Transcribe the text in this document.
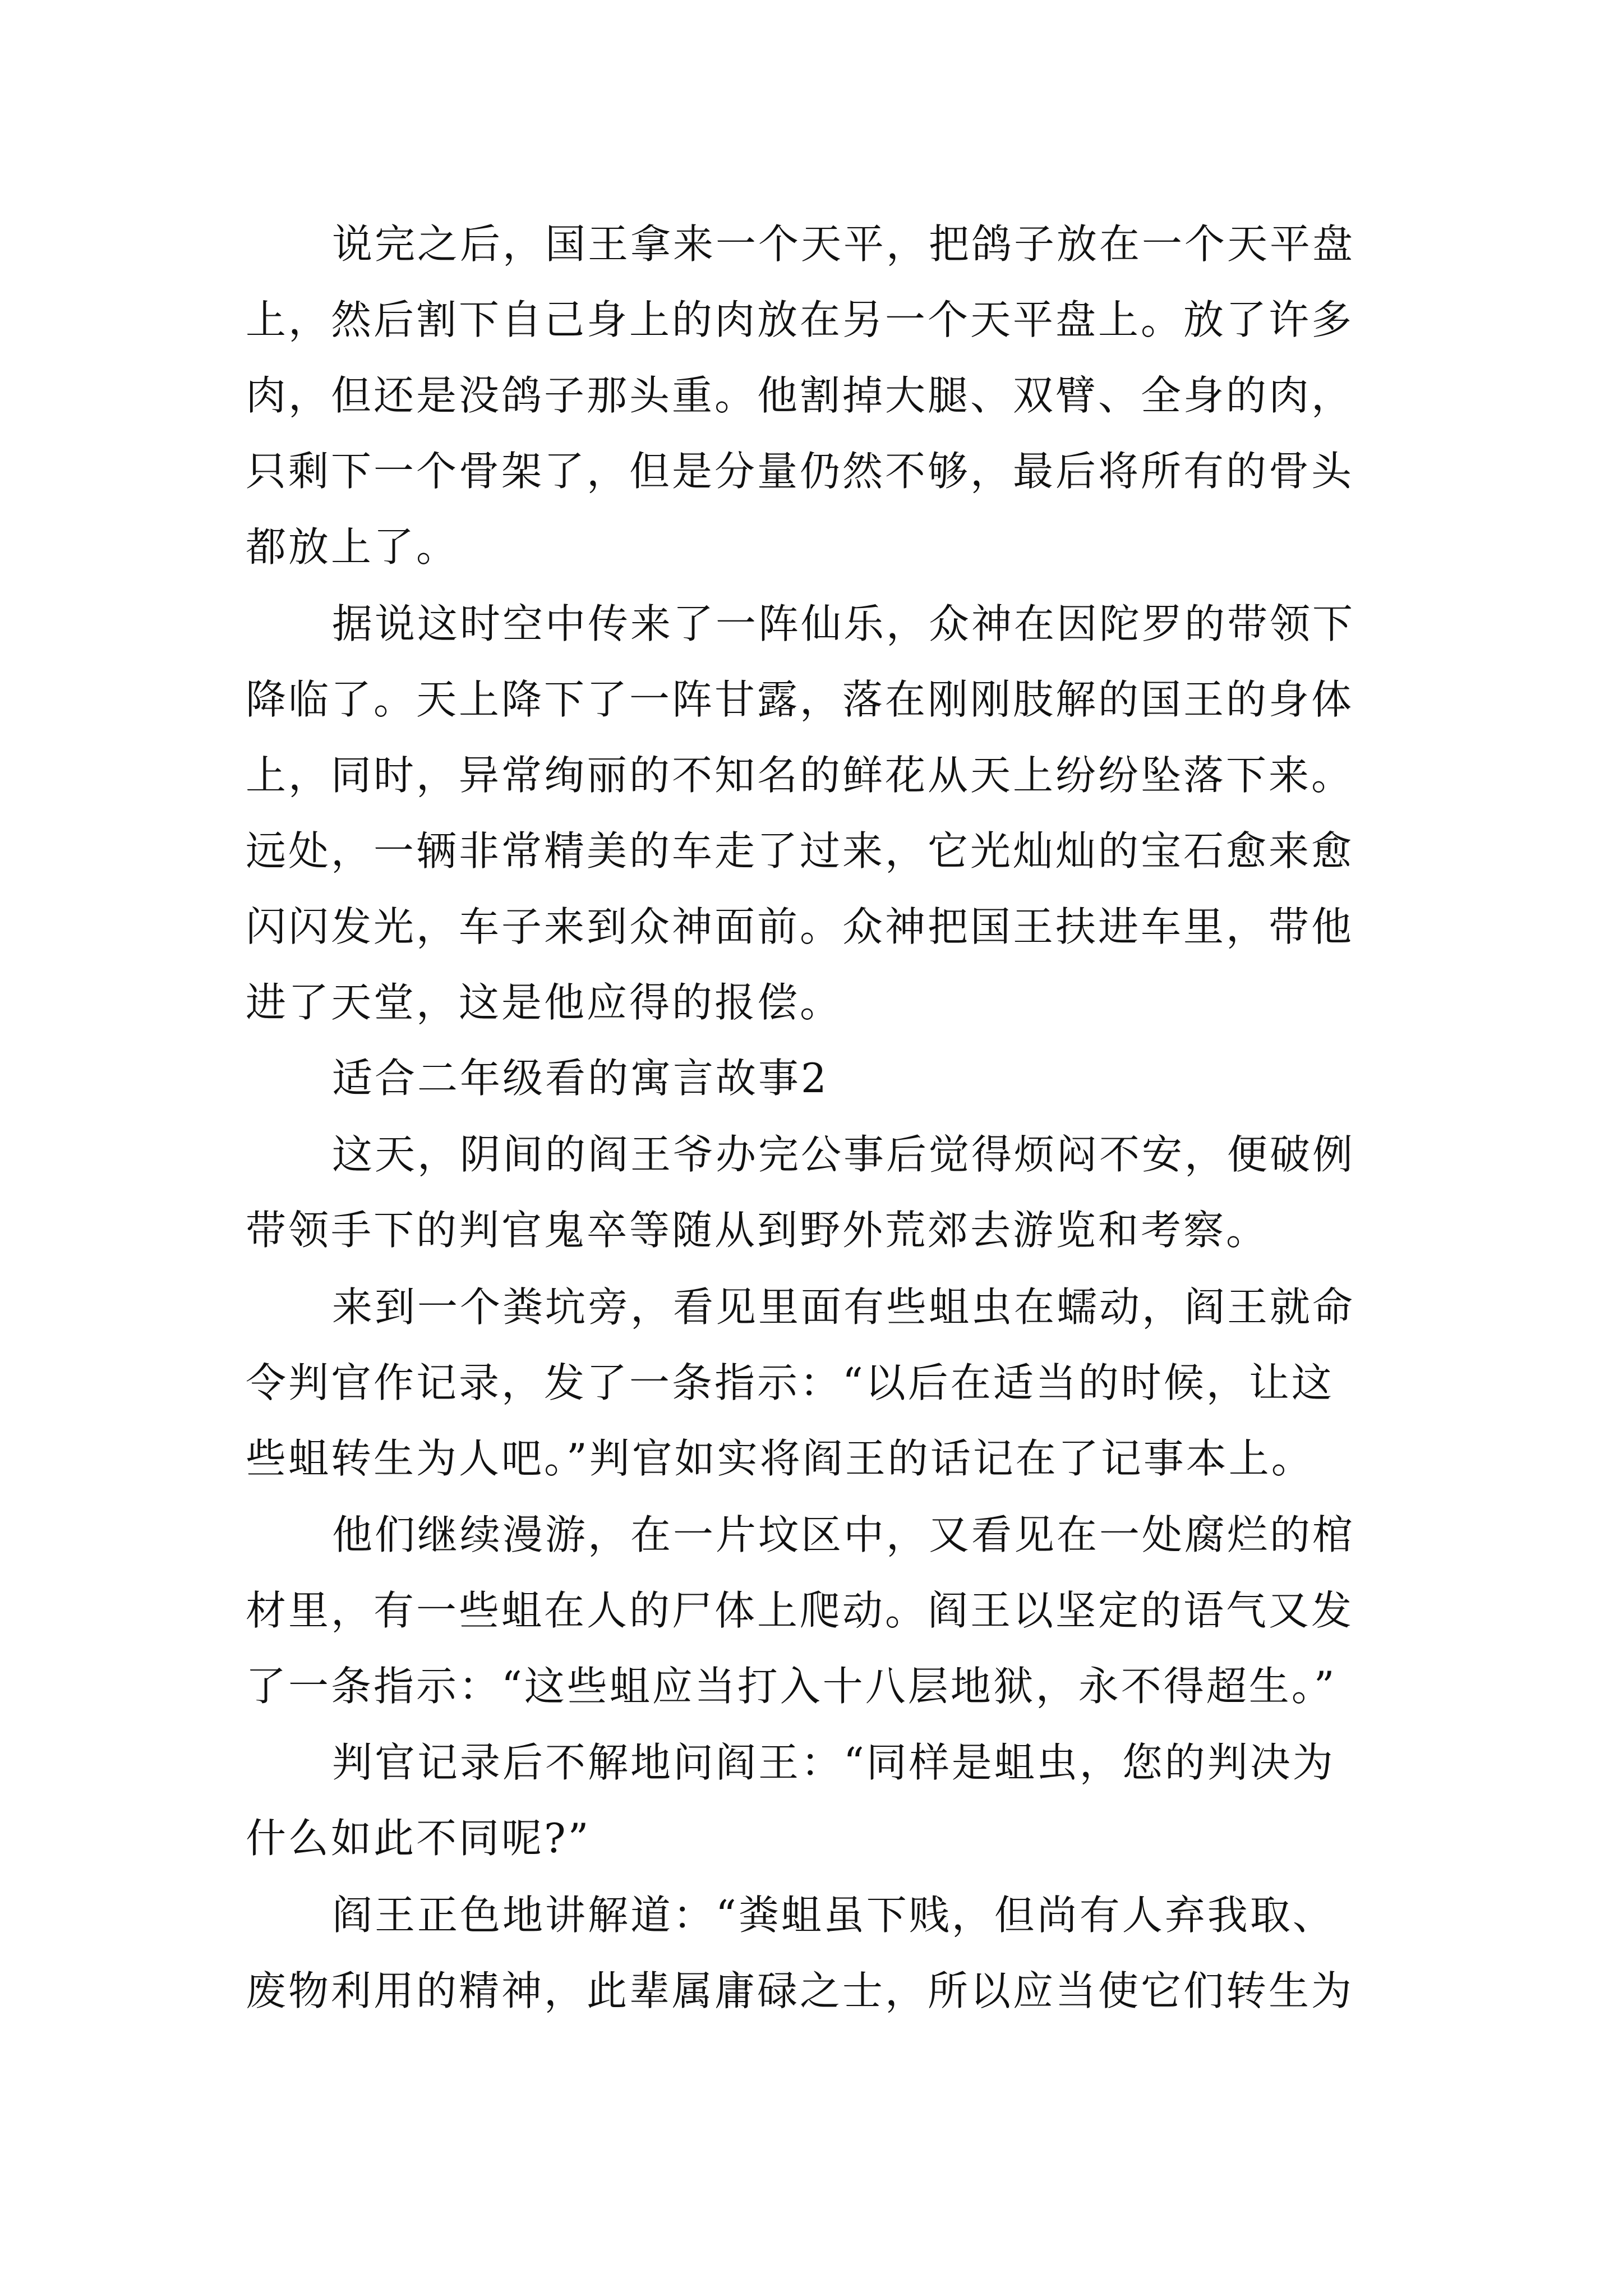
说完之后，国王拿来一个天平，把鸽子放在一个天平盘
上，然后割下自己身上的肉放在另一个天平盘上。放了许多
肉，但还是没鸽子那头重。他割掉大腿、双臂、全身的肉，
只剩下一个骨架了，但是分量仍然不够，最后将所有的骨头
都放上了。
据说这时空中传来了一阵仙乐，众神在因陀罗的带领下
降临了。天上降下了一阵甘露，落在刚刚肢解的国王的身体
上，同时，异常绚丽的不知名的鲜花从天上纷纷坠落下来。
远处，一辆非常精美的车走了过来，它光灿灿的宝石愈来愈
闪闪发光，车子来到众神面前。众神把国王扶进车里，带他
进了天堂，这是他应得的报偿。
适合二年级看的寓言故事2
这天，阴间的阎王爷办完公事后觉得烦闷不安，便破例
带领手下的判官鬼卒等随从到野外荒郊去游览和考察。
来到一个粪坑旁，看见里面有些蛆虫在蠕动，阎王就命
令判官作记录，发了一条指示：“以后在适当的时候，让这
些蛆转生为人吧。”判官如实将阎王的话记在了记事本上。
他们继续漫游，在一片坟区中，又看见在一处腐烂的棺
材里，有一些蛆在人的尸体上爬动。阎王以坚定的语气又发
了一条指示：“这些蛆应当打入十八层地狱，永不得超生。”
判官记录后不解地问阎王：“同样是蛆虫，您的判决为
什么如此不同呢?”
阎王正色地讲解道：“粪蛆虽下贱，但尚有人弃我取、
废物利用的精神，此辈属庸碌之士，所以应当使它们转生为
